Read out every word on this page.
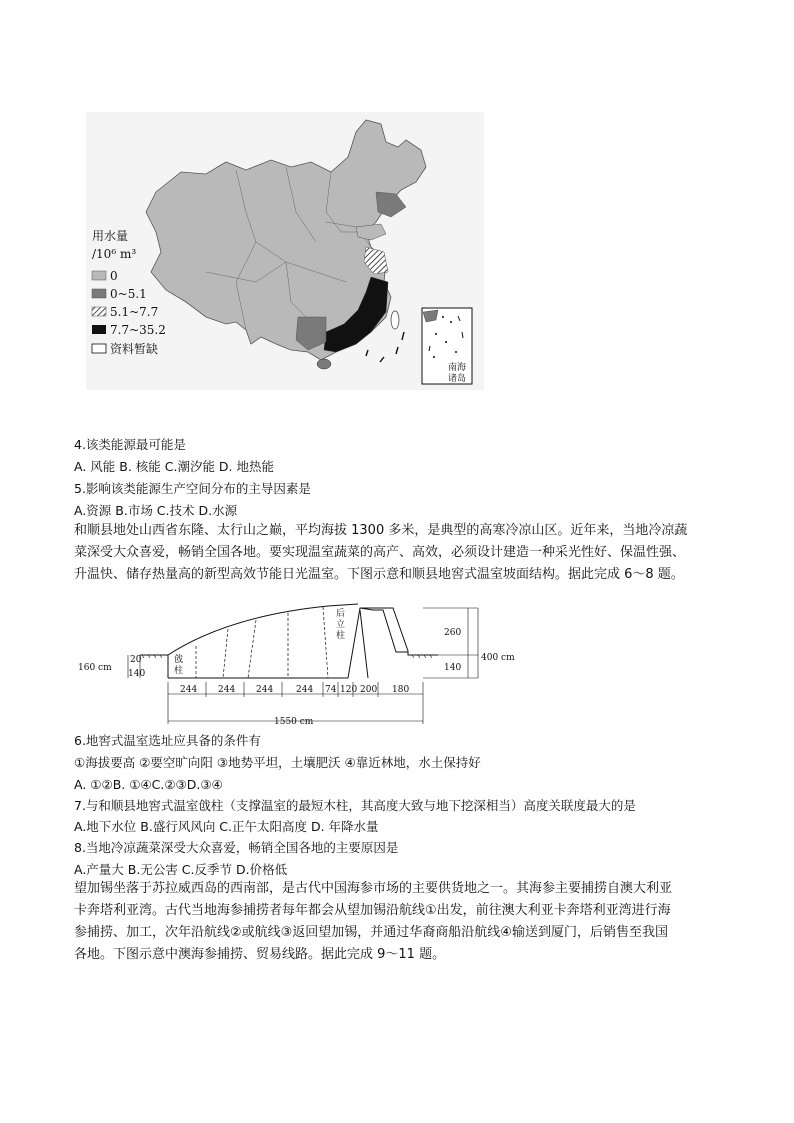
用水量
/10⁶ m³
0
0~5.1
5.1~7.7
7.7~35.2
资料暂缺
南海
诸岛
4.该类能源最可能是
A. 风能 B. 核能 C.潮汐能 D. 地热能
5.影响该类能源生产空间分布的主导因素是
A.资源 B.市场 C.技术 D.水源
和顺县地处山西省东隆、太行山之巅，平均海拔 1300 多米，是典型的高寒冷凉山区。近年来，当地冷凉蔬
菜深受大众喜爱，畅销全国各地。要实现温室蔬菜的高产、高效，必须设计建造一种采光性好、保温性强、
升温快、储存热量高的新型高效节能日光温室。下图示意和顺县地窖式温室坡面结构。据此完成 6～8 题。
戗
柱
后
立
柱
160 cm
20
140
260
140
400 cm
244 244 244	244 74 120 200 180
1550 cm
6.地窖式温室选址应具备的条件有
①海拔要高 ②要空旷向阳 ③地势平坦，土壤肥沃 ④靠近林地，水土保持好
A. ①②B. ①④C.②③D.③④
7.与和顺县地窖式温室戗柱（支撑温室的最短木柱，其高度大致与地下挖深相当）高度关联度最大的是
A.地下水位 B.盛行风风向 C.正午太阳高度 D. 年降水量
8.当地冷凉蔬菜深受大众喜爱，畅销全国各地的主要原因是
A.产量大 B.无公害 C.反季节 D.价格低
望加锡坐落于苏拉威西岛的西南部，是古代中国海参市场的主要供货地之一。其海参主要捕捞自澳大利亚
卡奔塔利亚湾。古代当地海参捕捞者每年都会从望加锡沿航线①出发，前往澳大利亚卡奔塔利亚湾进行海
参捕捞、加工，次年沿航线②或航线③返回望加锡，并通过华裔商船沿航线④输送到厦门，后销售至我国
各地。下图示意中澳海参捕捞、贸易线路。据此完成 9～11 题。
